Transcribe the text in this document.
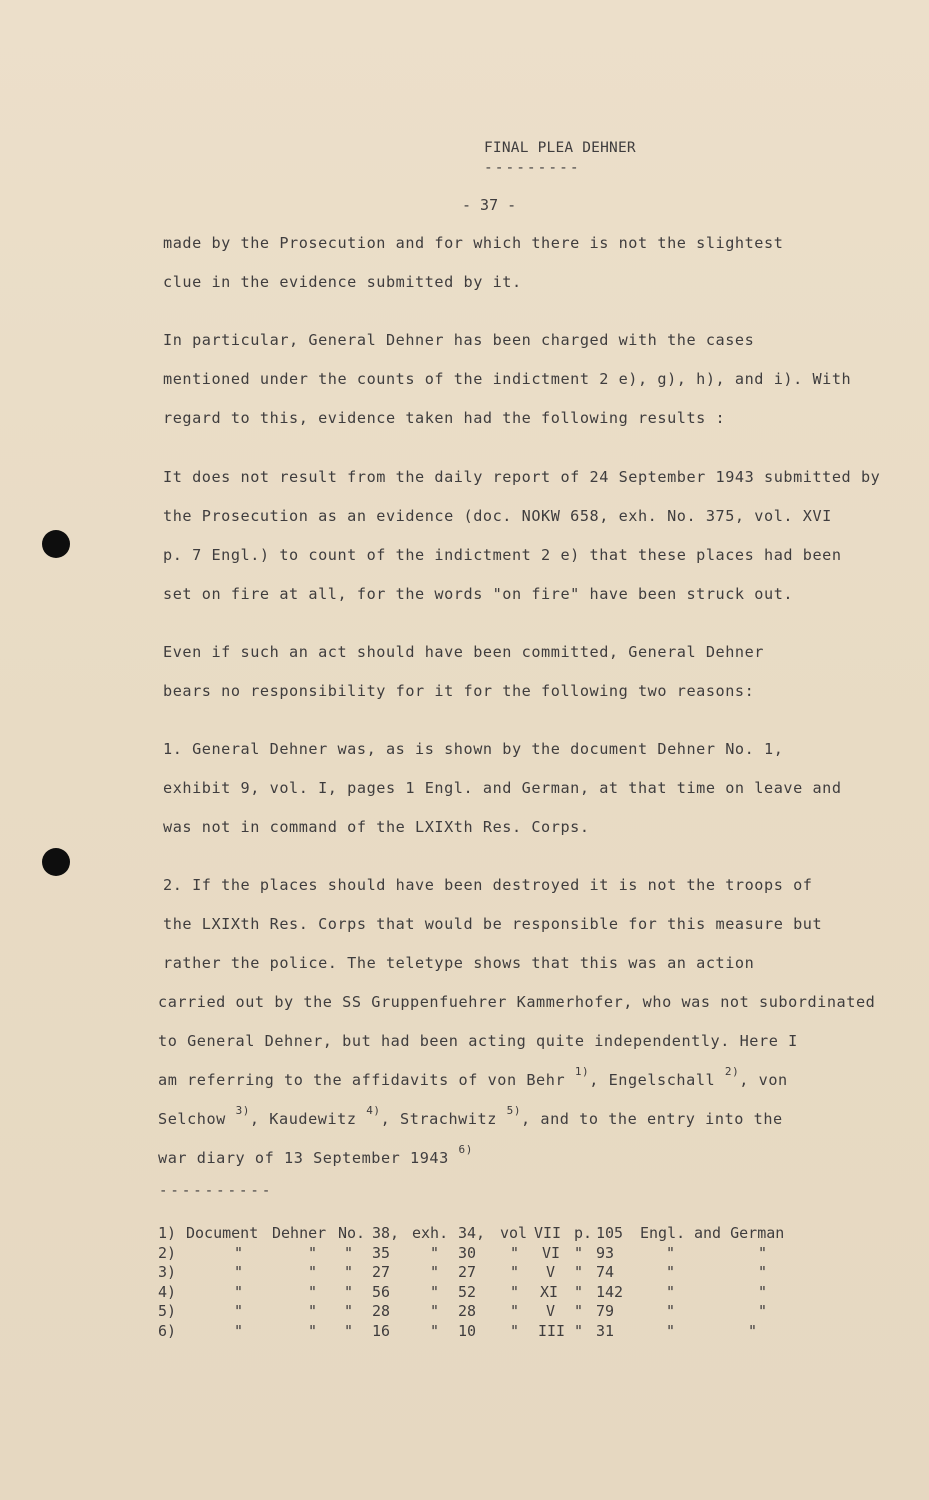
FINAL PLEA DEHNER
---------
- 37 -
made by the Prosecution and for which there is not the slightest
clue in the evidence submitted by it.
In particular, General Dehner has been charged with the cases
mentioned under the counts of the indictment 2 e), g), h), and i). With
regard to this, evidence taken had the following results :
It does not result from the daily report of 24 September 1943 submitted by
the Prosecution as an evidence (doc. NOKW 658, exh. No. 375, vol. XVI
p. 7 Engl.) to count of the indictment 2 e) that these places had been
set on fire at all, for the words "on fire" have been struck out.
Even if such an act should have been committed, General Dehner
bears no responsibility for it for the following two reasons:
1. General Dehner was, as is shown by the document Dehner No. 1,
exhibit 9, vol. I, pages 1 Engl. and German, at that time on leave and
was not in command of the LXIXth Res. Corps.
2. If the places should have been destroyed it is not the troops of
the LXIXth Res. Corps that would be responsible for this measure but
rather the police. The teletype shows that this was an action
carried out by the SS Gruppenfuehrer Kammerhofer, who was not subordinated
to General Dehner, but had been acting quite independently. Here I
am referring to the affidavits of von Behr $^{1)}$, Engelschall $^{2)}$, von
Selchow $^{3)}$, Kaudewitz $^{4)}$, Strachwitz $^{5)}$, and to the entry into the
war diary of 13 September 1943 $^{6)}$
----------
1)	Document	Dehner	No.	38,	exh.	34,	vol	VII	p.	105	Engl.	and German
2)	"	"	"	35	"	30	"	VI	"	93	"	"
3)	"	"	"	27	"	27	"	V	"	74	"	"
4)	"	"	"	56	"	52	"	XI	"	142	"	"
5)	"	"	"	28	"	28	"	V	"	79	"	"
6)	"	"	"	16	"	10	"	III	"	31	"	"
